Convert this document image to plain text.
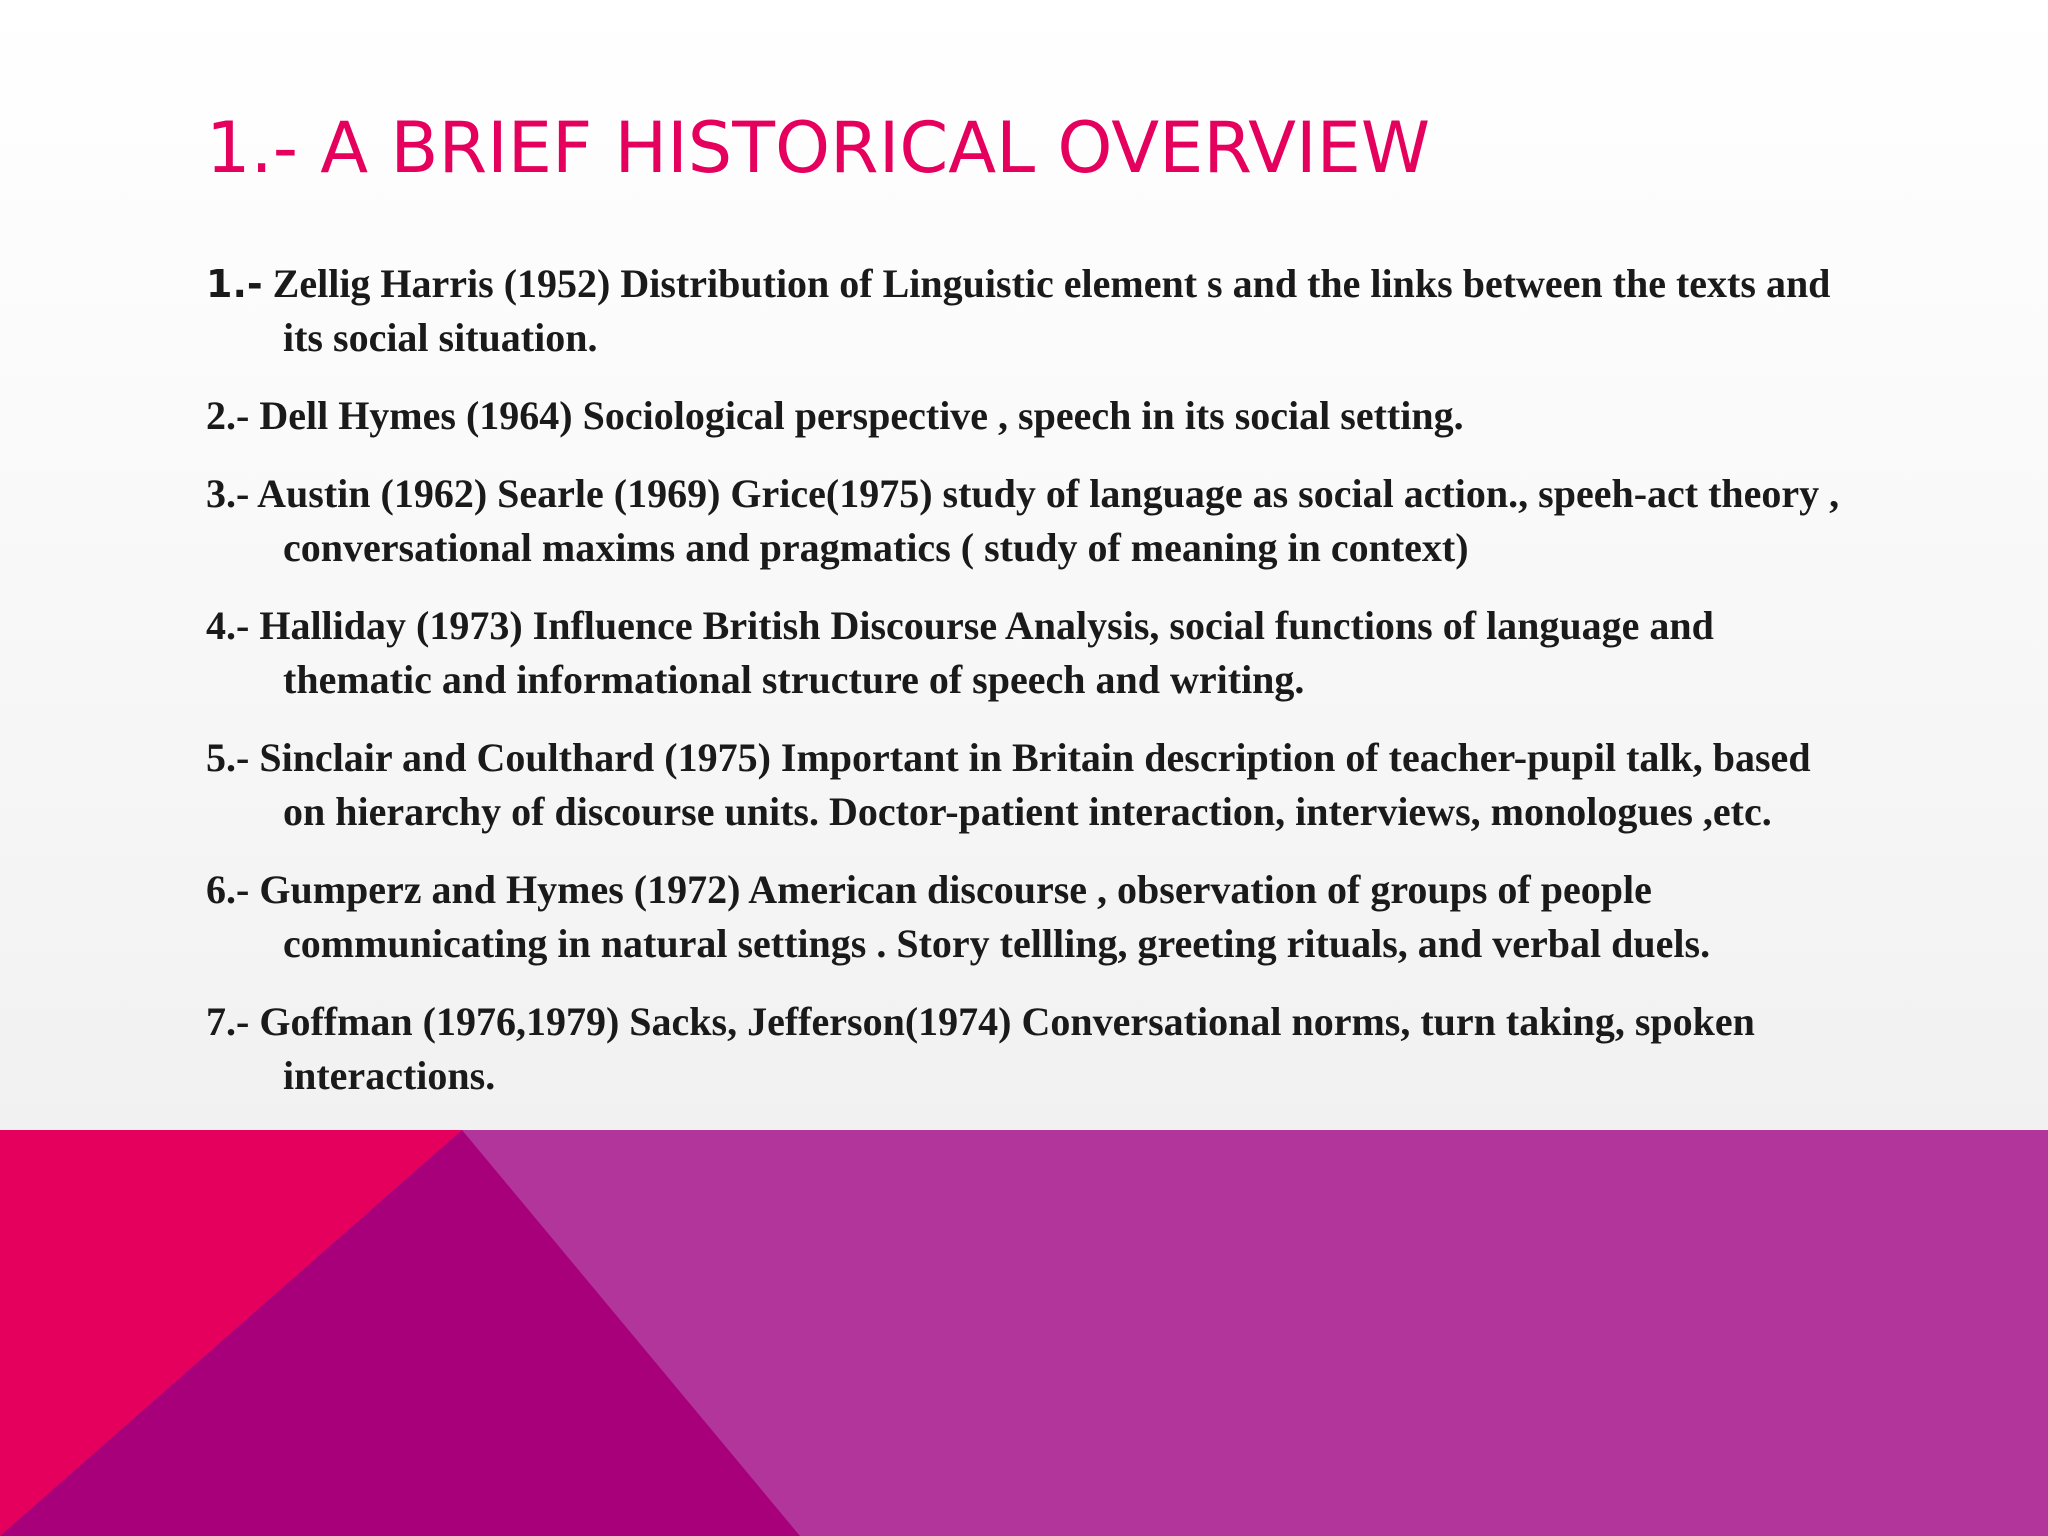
1.- A BRIEF HISTORICAL OVERVIEW
1.- Zellig Harris (1952) Distribution of Linguistic element s and the links between the texts and its social situation.
2.- Dell Hymes (1964) Sociological perspective , speech in its social setting.
3.- Austin (1962) Searle (1969) Grice(1975) study of language as social action., speeh-act theory , conversational maxims and pragmatics ( study of meaning in context)
4.- Halliday (1973) Influence British Discourse Analysis, social functions of language and thematic and informational structure of speech and writing.
5.- Sinclair and Coulthard (1975) Important in Britain description of teacher-pupil talk, based on hierarchy of discourse units. Doctor-patient interaction, interviews, monologues ,etc.
6.- Gumperz and Hymes (1972) American discourse , observation of groups of people communicating in natural settings . Story tellling, greeting rituals, and verbal duels.
7.- Goffman (1976,1979) Sacks, Jefferson(1974) Conversational norms, turn taking, spoken interactions.
